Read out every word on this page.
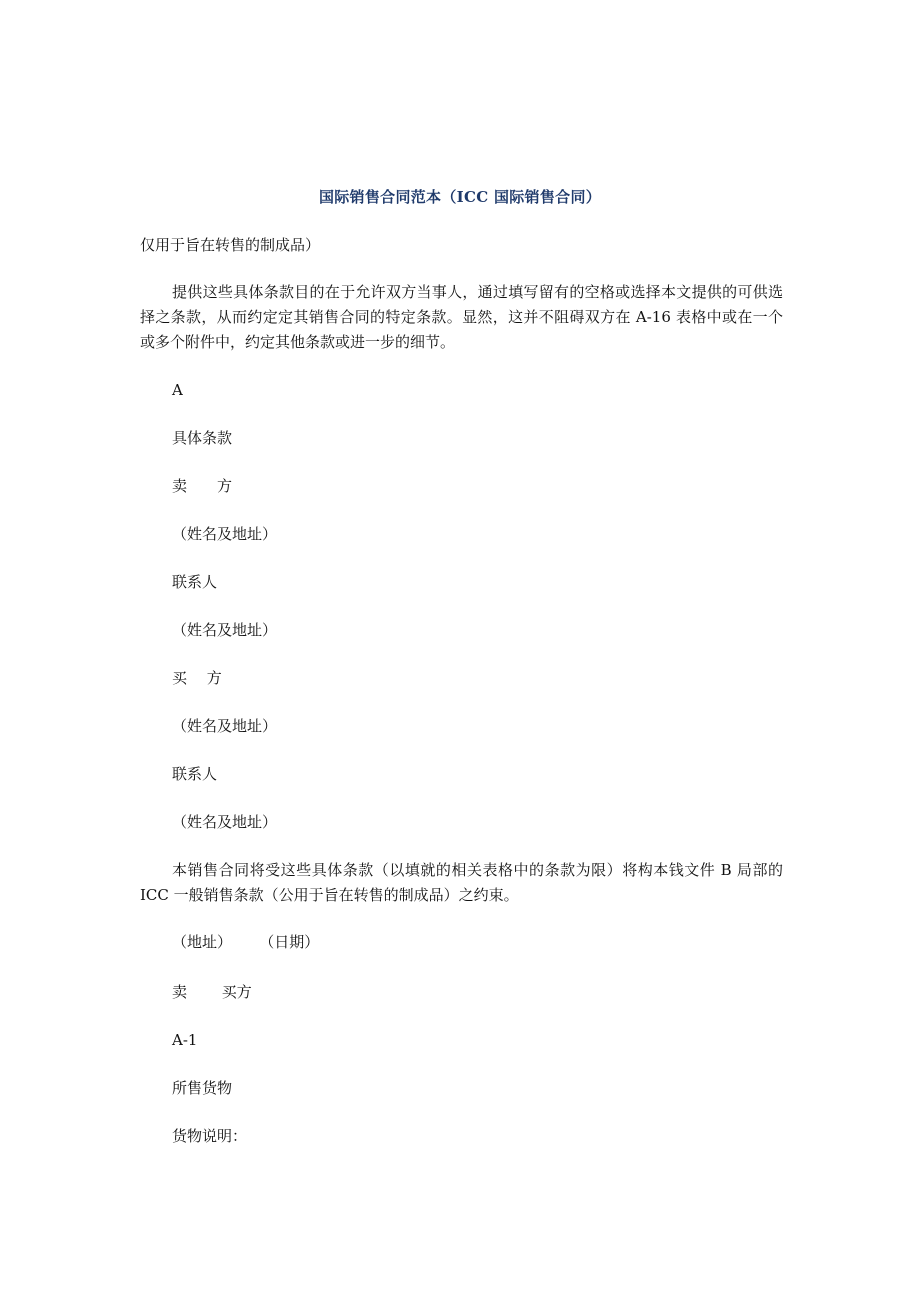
国际销售合同范本（ICC 国际销售合同）
仅用于旨在转售的制成品）
提供这些具体条款目的在于允许双方当事人，通过填写留有的空格或选择本文提供的可供选择之条款，从而约定定其销售合同的特定条款。显然，这并不阻碍双方在 A-16 表格中或在一个或多个附件中，约定其他条款或进一步的细节。
A
具体条款
卖　　方
（姓名及地址）
联系人
（姓名及地址）
买　 方
（姓名及地址）
联系人
（姓名及地址）
本销售合同将受这些具体条款（以填就的相关表格中的条款为限）将构本钱文件 B 局部的 ICC 一般销售条款（公用于旨在转售的制成品）之约束。
（地址）　　 （日期）
卖　　 买方
A-1
所售货物
货物说明：
